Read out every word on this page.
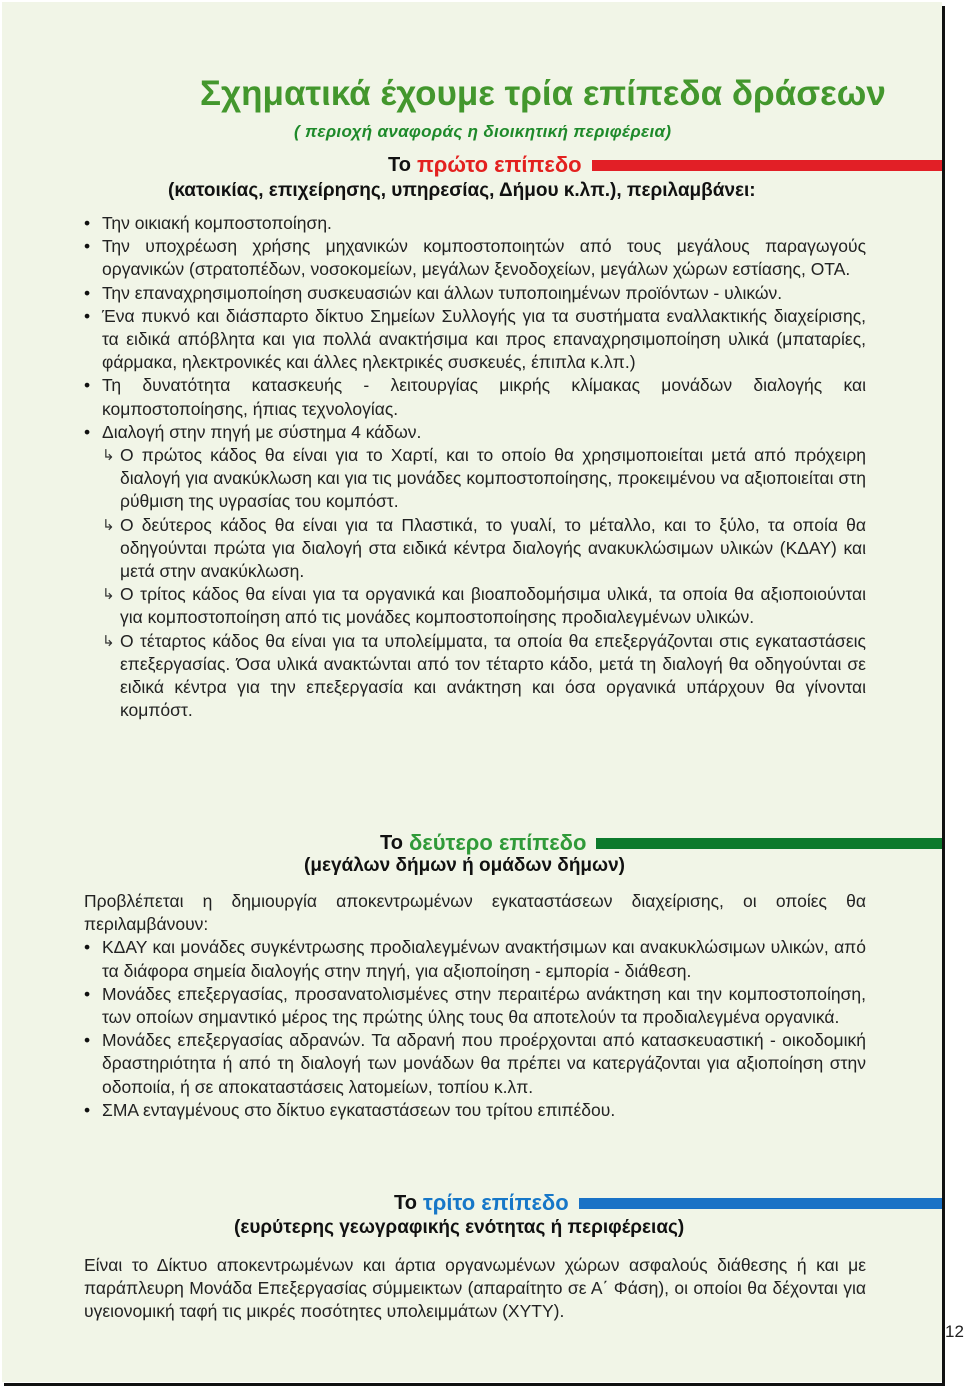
Σχηματικά έχουμε τρία επίπεδα δράσεων
( περιοχή αναφοράς η διοικητική περιφέρεια)
Το πρώτο επίπεδο
(κατοικίας, επιχείρησης, υπηρεσίας, Δήμου κ.λπ.), περιλαμβάνει:
• Την οικιακή κομποστοποίηση.
• Την υποχρέωση χρήσης μηχανικών κομποστοποιητών από τους μεγάλους παραγωγούς οργανικών (στρατοπέδων, νοσοκομείων, μεγάλων ξενοδοχείων, μεγάλων χώρων εστίασης, ΟΤΑ.
• Την επαναχρησιμοποίηση συσκευασιών και άλλων τυποποιημένων προϊόντων - υλικών.
• Ένα πυκνό και διάσπαρτο δίκτυο Σημείων Συλλογής για τα συστήματα εναλλακτικής διαχείρισης, τα ειδικά απόβλητα και για πολλά ανακτήσιμα και προς επαναχρησιμοποίηση υλικά (μπαταρίες, φάρμακα, ηλεκτρονικές και άλλες ηλεκτρικές συσκευές, έπιπλα κ.λπ.)
• Τη δυνατότητα κατασκευής - λειτουργίας μικρής κλίμακας μονάδων διαλογής και κομποστοποίησης, ήπιας τεχνολογίας.
• Διαλογή στην πηγή με σύστημα 4 κάδων.
↳ Ο πρώτος κάδος θα είναι για το Χαρτί, και το οποίο θα χρησιμοποιείται μετά από πρόχειρη διαλογή για ανακύκλωση και για τις μονάδες κομποστοποίησης, προκειμένου να αξιοποιείται στη ρύθμιση της υγρασίας του κομπόστ.
↳ Ο δεύτερος κάδος θα είναι για τα Πλαστικά, το γυαλί, το μέταλλο, και το ξύλο, τα οποία θα οδηγούνται πρώτα για διαλογή στα ειδικά κέντρα διαλογής ανακυκλώσιμων υλικών (ΚΔΑΥ) και μετά στην ανακύκλωση.
↳ Ο τρίτος κάδος θα είναι για τα οργανικά και βιοαποδομήσιμα υλικά, τα οποία θα αξιοποιούνται για κομποστοποίηση από τις μονάδες κομποστοποίησης προδιαλεγμένων υλικών.
↳ Ο τέταρτος κάδος θα είναι για τα υπολείμματα, τα οποία θα επεξεργάζονται στις εγκαταστάσεις επεξεργασίας. Όσα υλικά ανακτώνται από τον τέταρτο κάδο, μετά τη διαλογή θα οδηγούνται σε ειδικά κέντρα για την επεξεργασία και ανάκτηση και όσα οργανικά υπάρχουν θα γίνονται κομπόστ.
Το δεύτερο επίπεδο
(μεγάλων δήμων ή ομάδων δήμων)

Προβλέπεται η δημιουργία αποκεντρωμένων εγκαταστάσεων διαχείρισης, οι οποίες θα περιλαμβάνουν:

• ΚΔΑΥ και μονάδες συγκέντρωσης προδιαλεγμένων ανακτήσιμων και ανακυκλώσιμων υλικών, από τα διάφορα σημεία διαλογής στην πηγή, για αξιοποίηση - εμπορία - διάθεση.
• Μονάδες επεξεργασίας, προσανατολισμένες στην περαιτέρω ανάκτηση και την κομποστοποίηση, των οποίων σημαντικό μέρος της πρώτης ύλης τους θα αποτελούν τα προδιαλεγμένα οργανικά.
• Μονάδες επεξεργασίας αδρανών. Τα αδρανή που προέρχονται από κατασκευαστική - οικοδομική δραστηριότητα ή από τη διαλογή των μονάδων θα πρέπει να κατεργάζονται για αξιοποίηση στην οδοποιία, ή σε αποκαταστάσεις λατομείων, τοπίου κ.λπ.
• ΣΜΑ ενταγμένους στο δίκτυο εγκαταστάσεων του τρίτου επιπέδου.
Το τρίτο επίπεδο
(ευρύτερης γεωγραφικής ενότητας ή περιφέρειας)

Είναι το Δίκτυο αποκεντρωμένων και άρτια οργανωμένων χώρων ασφαλούς διάθεσης ή και με παράπλευρη Μονάδα Επεξεργασίας σύμμεικτων (απαραίτητο σε Α΄ Φάση), οι οποίοι θα δέχονται για υγειονομική ταφή τις μικρές ποσότητες υπολειμμάτων (ΧΥΤΥ).

12
